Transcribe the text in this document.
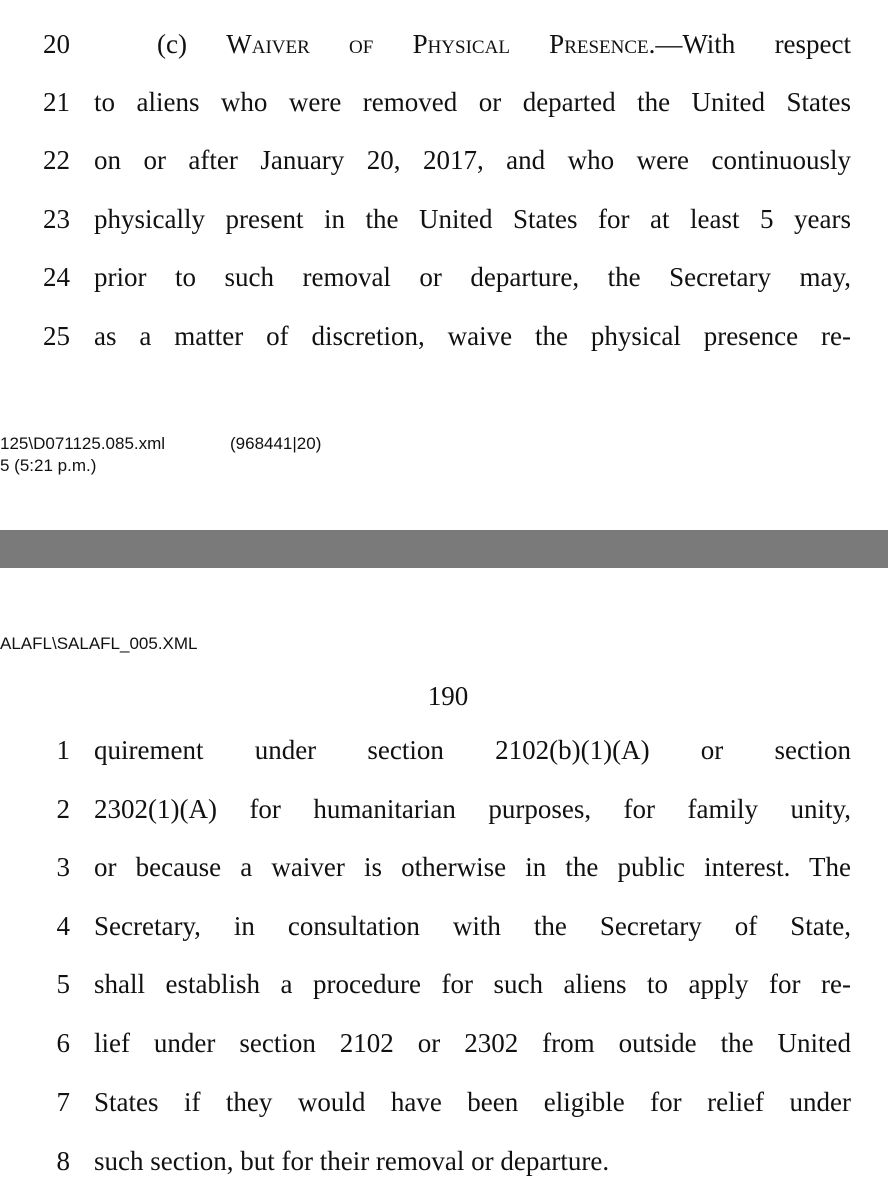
20	(c) Waiver of Physical Presence.—With respect
21 to aliens who were removed or departed the United States
22 on or after January 20, 2017, and who were continuously
23 physically present in the United States for at least 5 years
24 prior to such removal or departure, the Secretary may,
25 as a matter of discretion, waive the physical presence re-
125\D071125.085.xml	(968441|20)
5 (5:21 p.m.)
ALAFL\SALAFL_005.XML
190
1 quirement under section 2102(b)(1)(A) or section
2 2302(1)(A) for humanitarian purposes, for family unity,
3 or because a waiver is otherwise in the public interest. The
4 Secretary, in consultation with the Secretary of State,
5 shall establish a procedure for such aliens to apply for re-
6 lief under section 2102 or 2302 from outside the United
7 States if they would have been eligible for relief under
8 such section, but for their removal or departure.
